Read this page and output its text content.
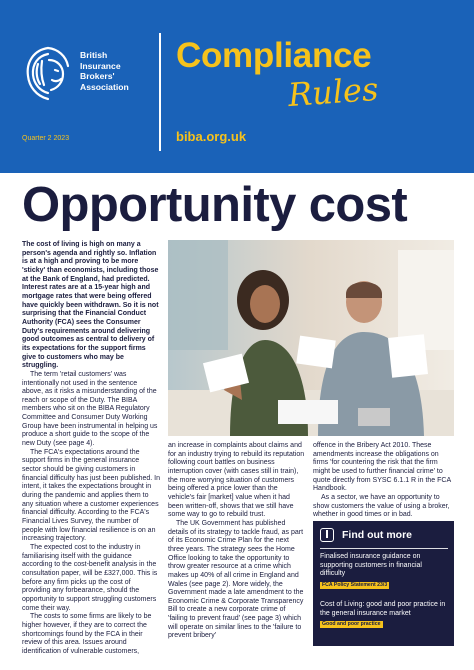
British
Insurance
Brokers'
Association
Quarter 2 2023
Compliance
Rules
biba.org.uk
Opportunity cost

The cost of living is high on many a person's agenda and rightly so. Inflation is at a high and proving to be more 'sticky' than economists, including those at the Bank of England, had predicted. Interest rates are at a 15-year high and mortgage rates that were being offered have quickly been withdrawn. So it is not surprising that the Financial Conduct Authority (FCA) sees the Consumer Duty's requirements around delivering good outcomes as central to delivery of its expectations for the support firms give to customers who may be struggling.

The term 'retail customers' was intentionally not used in the sentence above, as it risks a misunderstanding of the reach or scope of the Duty. The BIBA members who sit on the BIBA Regulatory Committee and Consumer Duty Working Group have been instrumental in helping us produce a short guide to the scope of the new Duty (see page 4).

The FCA's expectations around the support firms in the general insurance sector should be giving customers in financial difficulty has just been published. In intent, it takes the expectations brought in during the pandemic and applies them to any situation where a customer experiences financial difficulty. According to the FCA's Financial Lives Survey, the number of people with low financial resilience is on an increasing trajectory.

The expected cost to the industry in familiarising itself with the guidance according to the cost-benefit analysis in the consultation paper, will be £327,000. This is before any firm picks up the cost of providing any forbearance, should the opportunity to support struggling customers come their way.

The costs to some firms are likely to be higher however, if they are to correct the shortcomings found by the FCA in their review of this area. Issues around identification of vulnerable customers,

an increase in complaints about claims and for an industry trying to rebuild its reputation following court battles on business interruption cover (with cases still in train), the more worrying situation of customers being offered a price lower than the vehicle's fair [market] value when it had been written-off, shows that we still have some way to go to rebuild trust.

The UK Government has published details of its strategy to tackle fraud, as part of its Economic Crime Plan for the next three years. The strategy sees the Home Office looking to take the opportunity to throw greater resource at a crime which makes up 40% of all crime in England and Wales (see page 2). More widely, the Government made a late amendment to the Economic Crime & Corporate Transparency Bill to create a new corporate crime of 'failing to prevent fraud' (see page 3) which will operate on similar lines to the 'failure to prevent bribery'

offence in the Bribery Act 2010. These amendments increase the obligations on firms 'for countering the risk that the firm might be used to further financial crime' to quote directly from SYSC 6.1.1 R in the FCA Handbook.

As a sector, we have an opportunity to show customers the value of using a broker, whether in good times or in bad.

Find out more
Finalised insurance guidance on supporting customers in financial difficulty
FCA Policy Statement 23/3
Cost of Living: good and poor practice in the general insurance market
Good and poor practice
